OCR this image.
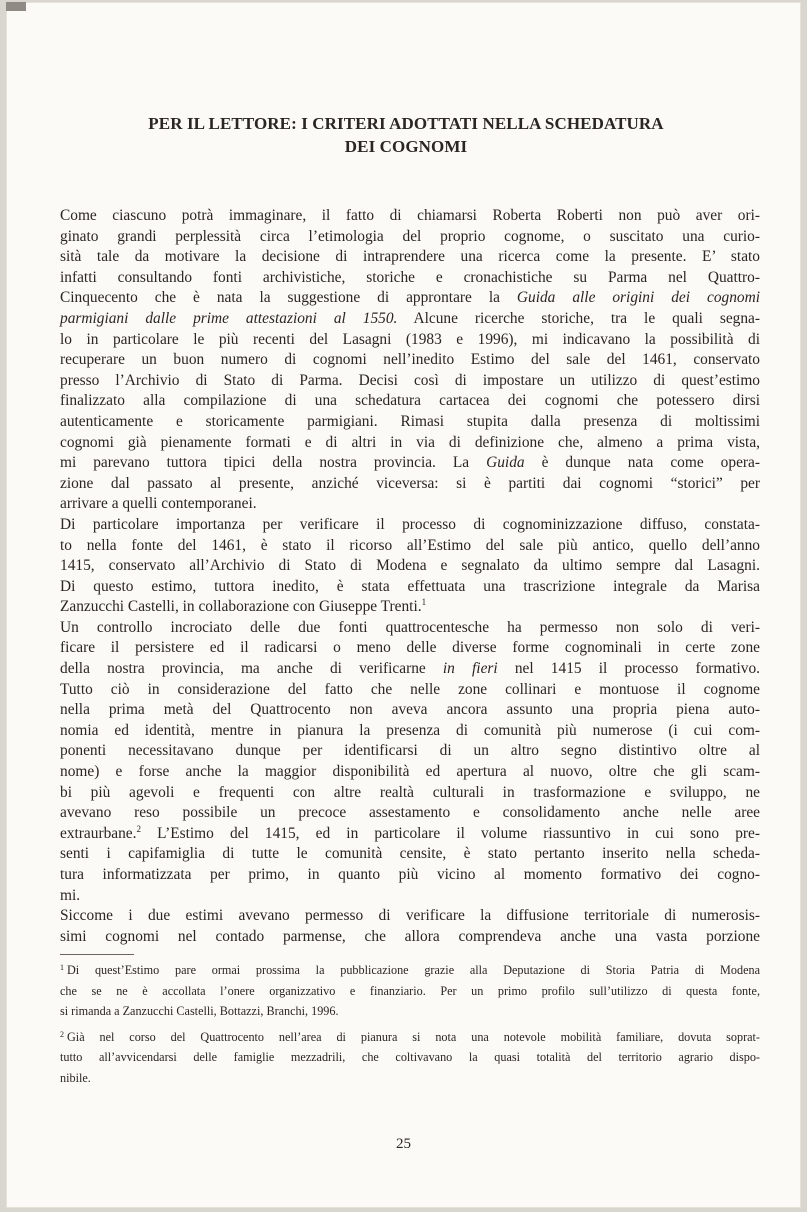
PER IL LETTORE: I CRITERI ADOTTATI NELLA SCHEDATURA
DEI COGNOMI
Come ciascuno potrà immaginare, il fatto di chiamarsi Roberta Roberti non può aver ori-
ginato grandi perplessità circa l’etimologia del proprio cognome, o suscitato una curio-
sità tale da motivare la decisione di intraprendere una ricerca come la presente. E’ stato
infatti consultando fonti archivistiche, storiche e cronachistiche su Parma nel Quattro-
Cinquecento che è nata la suggestione di approntare la Guida alle origini dei cognomi
parmigiani dalle prime attestazioni al 1550. Alcune ricerche storiche, tra le quali segna-
lo in particolare le più recenti del Lasagni (1983 e 1996), mi indicavano la possibilità di
recuperare un buon numero di cognomi nell’inedito Estimo del sale del 1461, conservato
presso l’Archivio di Stato di Parma. Decisi così di impostare un utilizzo di quest’estimo
finalizzato alla compilazione di una schedatura cartacea dei cognomi che potessero dirsi
autenticamente e storicamente parmigiani. Rimasi stupita dalla presenza di moltissimi
cognomi già pienamente formati e di altri in via di definizione che, almeno a prima vista,
mi parevano tuttora tipici della nostra provincia. La Guida è dunque nata come opera-
zione dal passato al presente, anziché viceversa: si è partiti dai cognomi “storici” per
arrivare a quelli contemporanei.
Di particolare importanza per verificare il processo di cognominizzazione diffuso, constata-
to nella fonte del 1461, è stato il ricorso all’Estimo del sale più antico, quello dell’anno
1415, conservato all’Archivio di Stato di Modena e segnalato da ultimo sempre dal Lasagni.
Di questo estimo, tuttora inedito, è stata effettuata una trascrizione integrale da Marisa
Zanzucchi Castelli, in collaborazione con Giuseppe Trenti.$^1$
Un controllo incrociato delle due fonti quattrocentesche ha permesso non solo di veri-
ficare il persistere ed il radicarsi o meno delle diverse forme cognominali in certe zone
della nostra provincia, ma anche di verificarne in fieri nel 1415 il processo formativo.
Tutto ciò in considerazione del fatto che nelle zone collinari e montuose il cognome
nella prima metà del Quattrocento non aveva ancora assunto una propria piena auto-
nomia ed identità, mentre in pianura la presenza di comunità più numerose (i cui com-
ponenti necessitavano dunque per identificarsi di un altro segno distintivo oltre al
nome) e forse anche la maggior disponibilità ed apertura al nuovo, oltre che gli scam-
bi più agevoli e frequenti con altre realtà culturali in trasformazione e sviluppo, ne
avevano reso possibile un precoce assestamento e consolidamento anche nelle aree
extraurbane.$^2$ L’Estimo del 1415, ed in particolare il volume riassuntivo in cui sono pre-
senti i capifamiglia di tutte le comunità censite, è stato pertanto inserito nella scheda-
tura informatizzata per primo, in quanto più vicino al momento formativo dei cogno-
mi.
Siccome i due estimi avevano permesso di verificare la diffusione territoriale di numerosis-
simi cognomi nel contado parmense, che allora comprendeva anche una vasta porzione
$^1$ Di quest’Estimo pare ormai prossima la pubblicazione grazie alla Deputazione di Storia Patria di Modena
che se ne è accollata l’onere organizzativo e finanziario. Per un primo profilo sull’utilizzo di questa fonte,
si rimanda a Zanzucchi Castelli, Bottazzi, Branchi, 1996.
$^2$ Già nel corso del Quattrocento nell’area di pianura si nota una notevole mobilità familiare, dovuta soprat-
tutto all’avvicendarsi delle famiglie mezzadrili, che coltivavano la quasi totalità del territorio agrario dispo-
nibile.
25
